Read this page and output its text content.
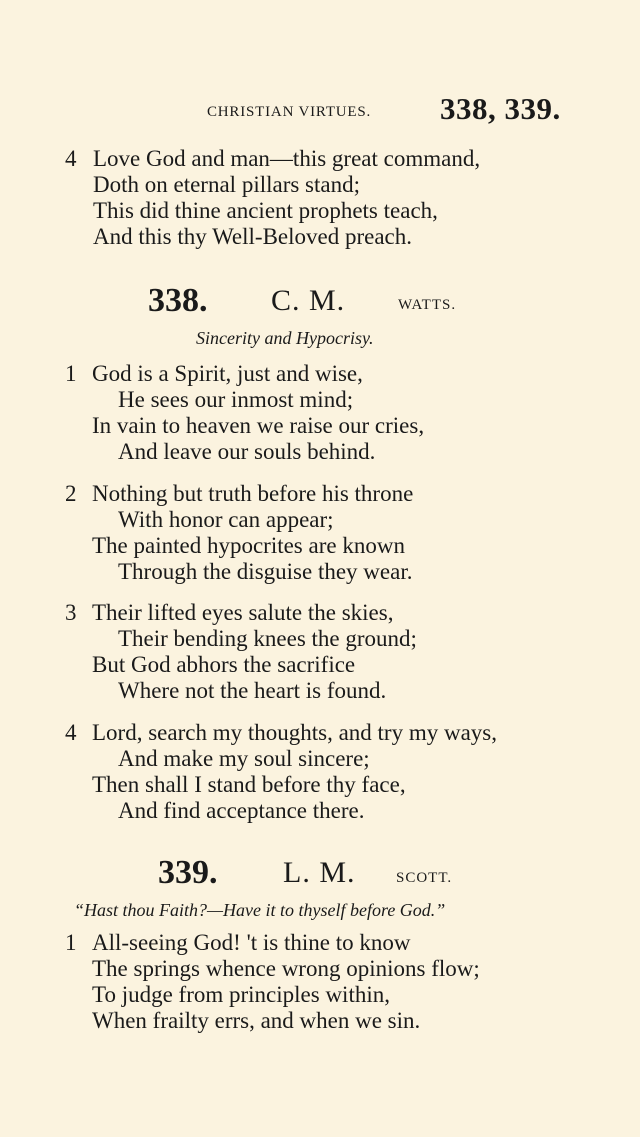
CHRISTIAN VIRTUES. 338, 339.
4 Love God and man—this great command,
Doth on eternal pillars stand;
This did thine ancient prophets teach,
And this thy Well-Beloved preach.
338. C. M.	WATTS.
Sincerity and Hypocrisy.
1 God is a Spirit, just and wise,
He sees our inmost mind;
In vain to heaven we raise our cries,
And leave our souls behind.
2 Nothing but truth before his throne
With honor can appear;
The painted hypocrites are known
Through the disguise they wear.
3 Their lifted eyes salute the skies,
Their bending knees the ground;
But God abhors the sacrifice
Where not the heart is found.
4 Lord, search my thoughts, and try my ways,
And make my soul sincere;
Then shall I stand before thy face,
And find acceptance there.
339. L. M.	SCOTT.
“Hast thou Faith?—Have it to thyself before God.”
1 All-seeing God! 't is thine to know
The springs whence wrong opinions flow;
To judge from principles within,
When frailty errs, and when we sin.
